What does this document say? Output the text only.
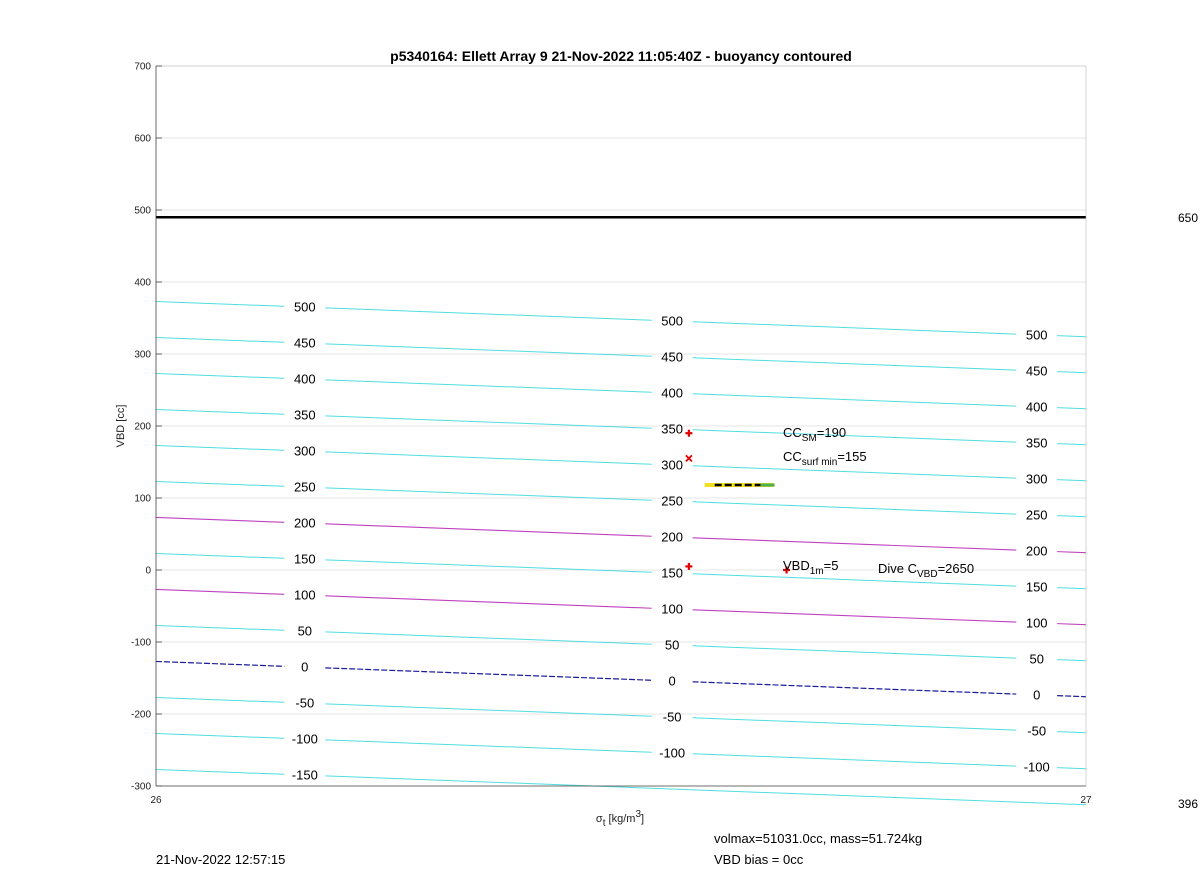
-150
-100
-100
-100
-50
-50
-50
0
0
0
50
50
50
100
100
100
150
150
150
200
200
200
250
250
250
300
300
300
350
350
350
400
400
400
450
450
450
500
500
500
700
600
500
400
300
200
100
0
-100
-200
-300
26	27
p5340164: Ellett Array 9 21-Nov-2022 11:05:40Z - buoyancy contoured
VBD [cc]
σt [kg/m3]
$CC_{SM}=190$
$CC_{surf min}=155$
$VBD_{1m}=5$	Dive $C_{VBD}=2650$
650
396
21-Nov-2022 12:57:15
volmax=51031.0cc, mass=51.724kg
VBD bias = 0cc
